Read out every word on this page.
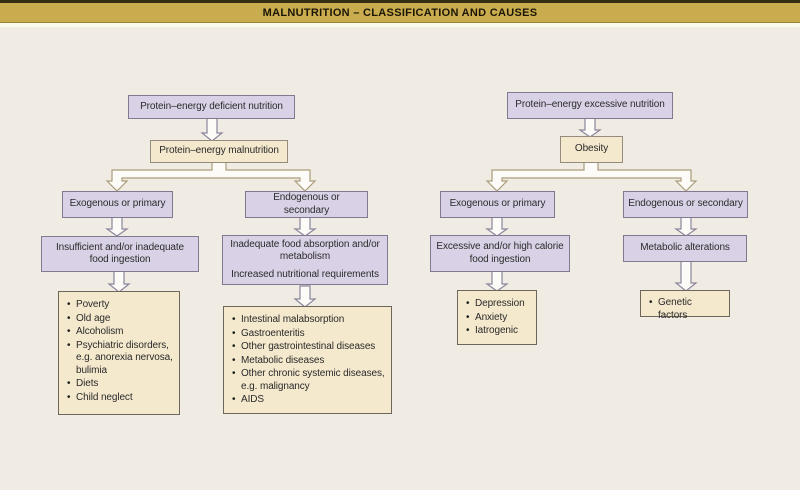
MALNUTRITION – CLASSIFICATION AND CAUSES
Protein–energy deficient nutrition
Protein–energy malnutrition
Exogenous or primary
Endogenous or secondary
Insufficient and/or inadequate food ingestion
Inadequate food absorption and/or metabolism
Increased nutritional requirements
• Poverty
• Old age
• Alcoholism
• Psychiatric disorders, e.g. anorexia nervosa, bulimia
• Diets
• Child neglect
• Intestinal malabsorption
• Gastroenteritis
• Other gastrointestinal diseases
• Metabolic diseases
• Other chronic systemic diseases, e.g. malignancy
• AIDS
Protein–energy excessive nutrition
Obesity
Exogenous or primary	Endogenous or secondary
Excessive and/or high calorie food ingestion
Metabolic alterations
• Depression
• Anxiety
• Iatrogenic
• Genetic factors
